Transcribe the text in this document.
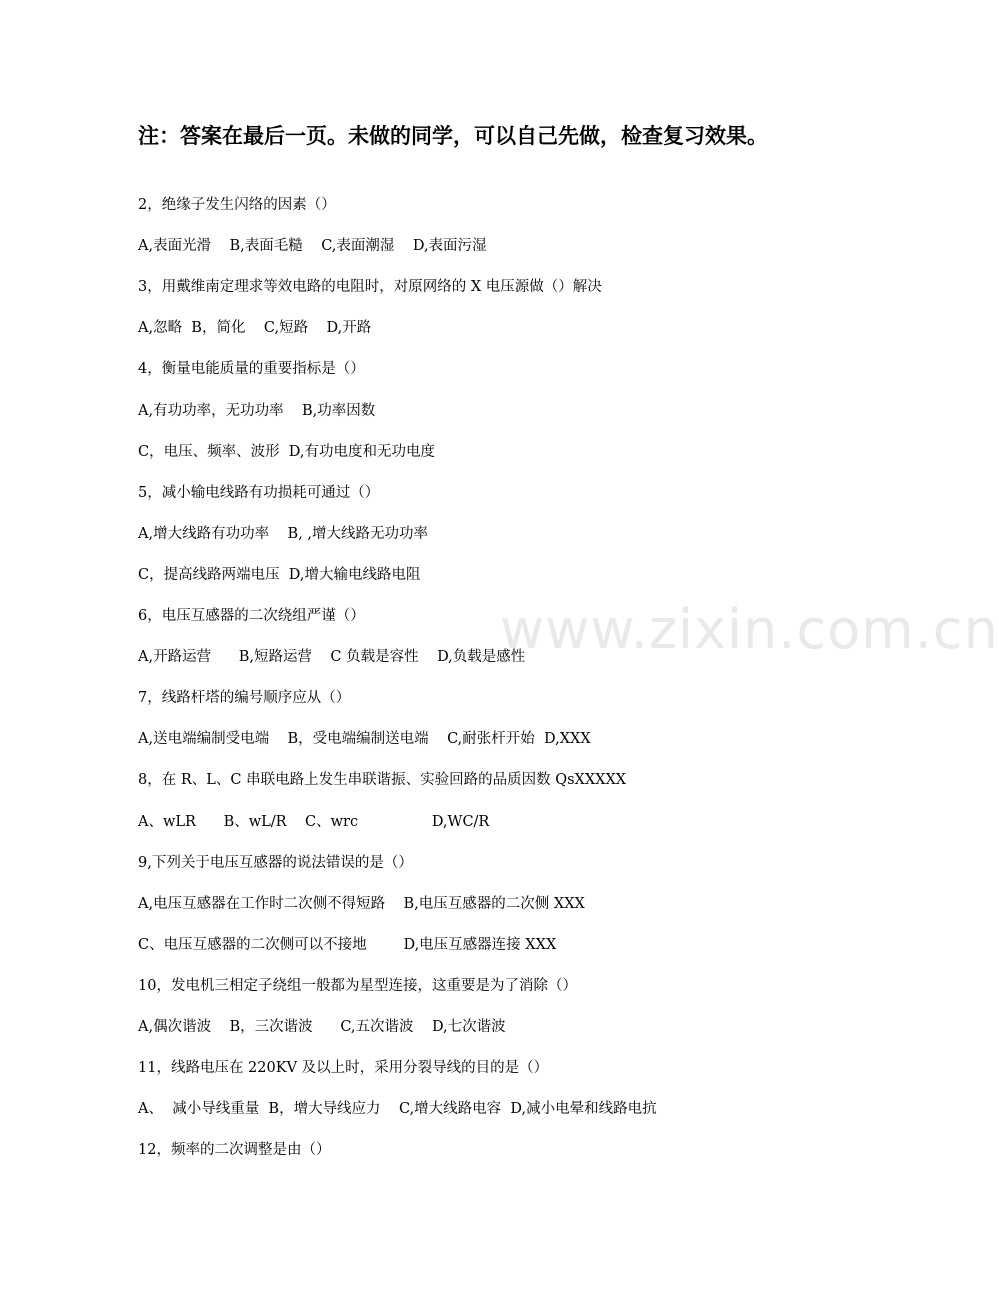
www.zixin.com.cn
注：答案在最后一页。未做的同学，可以自己先做，检查复习效果。
2，绝缘子发生闪络的因素（）
A,表面光滑    B,表面毛糙    C,表面潮湿    D,表面污湿
3，用戴维南定理求等效电路的电阻时，对原网络的 X 电压源做（）解决
A,忽略  B，简化    C,短路    D,开路
4，衡量电能质量的重要指标是（）
A,有功功率，无功功率    B,功率因数
C，电压、频率、波形  D,有功电度和无功电度
5，减小输电线路有功损耗可通过（）
A,增大线路有功功率    B, ,增大线路无功功率
C，提高线路两端电压  D,增大输电线路电阻
6，电压互感器的二次绕组严谨（）
A,开路运营      B,短路运营    C 负载是容性    D,负载是感性
7，线路杆塔的编号顺序应从（）
A,送电端编制受电端    B，受电端编制送电端    C,耐张杆开始  D,XXX
8，在 R、L、C 串联电路上发生串联谐振、实验回路的品质因数 QsXXXXX
A、wLR      B、wL/R    C、wrc                D,WC/R
9,下列关于电压互感器的说法错误的是（）
A,电压互感器在工作时二次侧不得短路    B,电压互感器的二次侧 XXX
C、电压互感器的二次侧可以不接地        D,电压互感器连接 XXX
10，发电机三相定子绕组一般都为星型连接，这重要是为了消除（）
A,偶次谐波    B，三次谐波      C,五次谐波    D,七次谐波
11，线路电压在 220KV 及以上时，采用分裂导线的目的是（）
A、  减小导线重量  B，增大导线应力    C,增大线路电容  D,减小电晕和线路电抗
12，频率的二次调整是由（）
